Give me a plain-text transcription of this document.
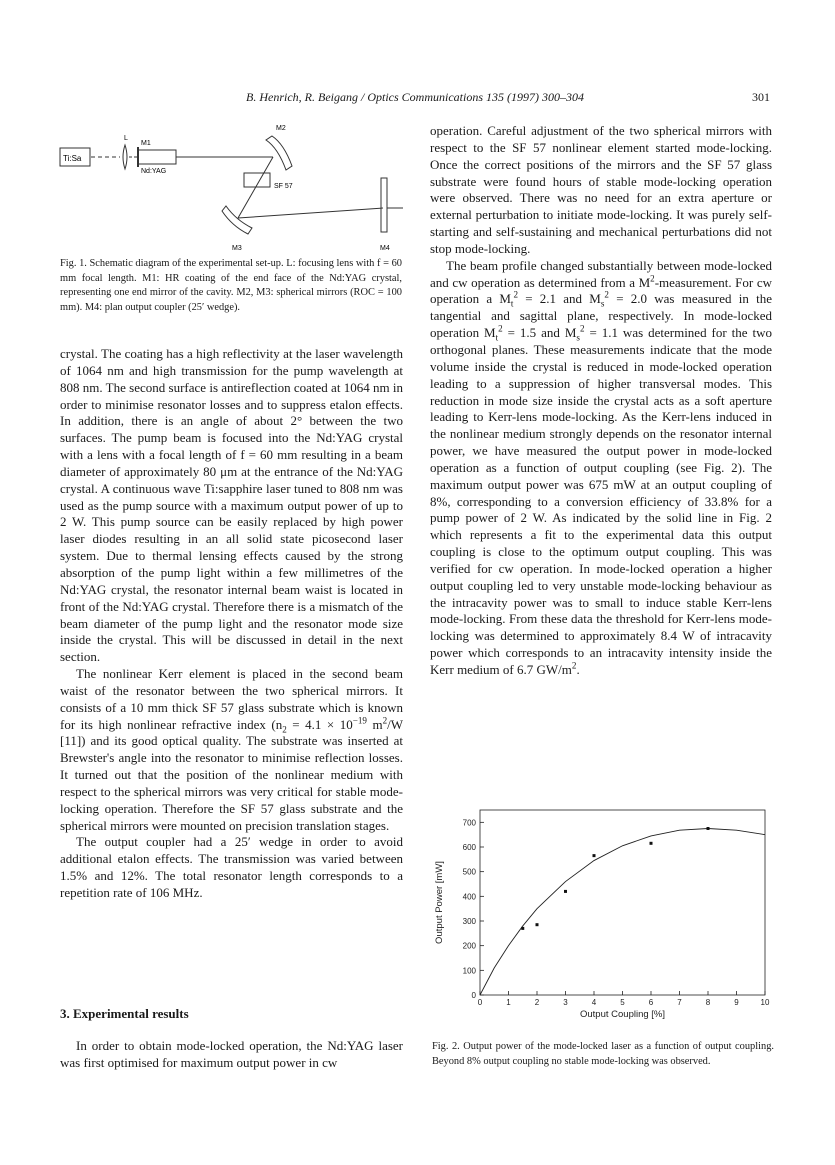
B. Henrich, R. Beigang / Optics Communications 135 (1997) 300–304	301
Ti:Sa
L
M1
Nd:YAG
M2
SF 57
M3	M4
Fig. 1. Schematic diagram of the experimental set-up. L: focusing lens with f = 60 mm focal length. M1: HR coating of the end face of the Nd:YAG crystal, representing one end mirror of the cavity. M2, M3: spherical mirrors (ROC = 100 mm). M4: plan output coupler (25′ wedge).

crystal. The coating has a high reflectivity at the laser wavelength of 1064 nm and high transmission for the pump wavelength at 808 nm. The second surface is antireflection coated at 1064 nm in order to minimise resonator losses and to suppress etalon effects. In addition, there is an angle of about 2° between the two surfaces. The pump beam is focused into the Nd:YAG crystal with a lens with a focal length of f = 60 mm resulting in a beam diameter of approximately 80 μm at the entrance of the Nd:YAG crystal. A continuous wave Ti:sapphire laser tuned to 808 nm was used as the pump source with a maximum output power of up to 2 W. This pump source can be easily replaced by high power laser diodes resulting in an all solid state picosecond laser system. Due to thermal lensing effects caused by the strong absorption of the pump light within a few millimetres of the Nd:YAG crystal, the resonator internal beam waist is located in front of the Nd:YAG crystal. Therefore there is a mismatch of the beam diameter of the pump light and the resonator mode size inside the crystal. This will be discussed in detail in the next section.

The nonlinear Kerr element is placed in the second beam waist of the resonator between the two spherical mirrors. It consists of a 10 mm thick SF 57 glass substrate which is known for its high nonlinear refractive index ($n_2 = 4.1 \times 10^{-19}$ $m^2/W$ [11]) and its good optical quality. The substrate was inserted at Brewster's angle into the resonator to minimise reflection losses. It turned out that the position of the nonlinear medium with respect to the spherical mirrors was very critical for stable mode-locking operation. Therefore the SF 57 glass substrate and the spherical mirrors were mounted on precision translation stages.

The output coupler had a 25′ wedge in order to avoid additional etalon effects. The transmission was varied between 1.5% and 12%. The total resonator length corresponds to a repetition rate of 106 MHz.

3. Experimental results

In order to obtain mode-locked operation, the Nd:YAG laser was first optimised for maximum output power in cw

operation. Careful adjustment of the two spherical mirrors with respect to the SF 57 nonlinear element started mode-locking. Once the correct positions of the mirrors and the SF 57 glass substrate were found hours of stable mode-locking operation were observed. There was no need for an extra aperture or external perturbation to initiate mode-locking. It was purely self-starting and self-sustaining and mechanical perturbations did not stop mode-locking.

The beam profile changed substantially between mode-locked and cw operation as determined from a $M^2$-measurement. For cw operation a $M_t^2 = 2.1$ and $M_s^2 = 2.0$ was measured in the tangential and sagittal plane, respectively. In mode-locked operation $M_t^2 = 1.5$ and $M_s^2 = 1.1$ was determined for the two orthogonal planes. These measurements indicate that the mode volume inside the crystal is reduced in mode-locked operation leading to a suppression of higher transversal modes. This reduction in mode size inside the crystal acts as a soft aperture leading to Kerr-lens mode-locking. As the Kerr-lens induced in the nonlinear medium strongly depends on the resonator internal power, we have measured the output power in mode-locked operation as a function of output coupling (see Fig. 2). The maximum output power was 675 mW at an output coupling of 8%, corresponding to a conversion efficiency of 33.8% for a pump power of 2 W. As indicated by the solid line in Fig. 2 which represents a fit to the experimental data this output coupling is close to the optimum output coupling. This was verified for cw operation. In mode-locked operation a higher output coupling led to very unstable mode-locking behaviour as the intracavity power was to small to induce stable Kerr-lens mode-locking. From these data the threshold for Kerr-lens mode-locking was determined to approximately 8.4 W of intracavity power which corresponds to an intracavity intensity inside the Kerr medium of 6.7 $GW/m^2$.

0	1	2	3	4	5	6	7	8	9	10
0
100
200
300
400
500
600
700
Output Coupling [%]
Output Power [mW]
Fig. 2. Output power of the mode-locked laser as a function of output coupling. Beyond 8% output coupling no stable mode-locking was observed.
